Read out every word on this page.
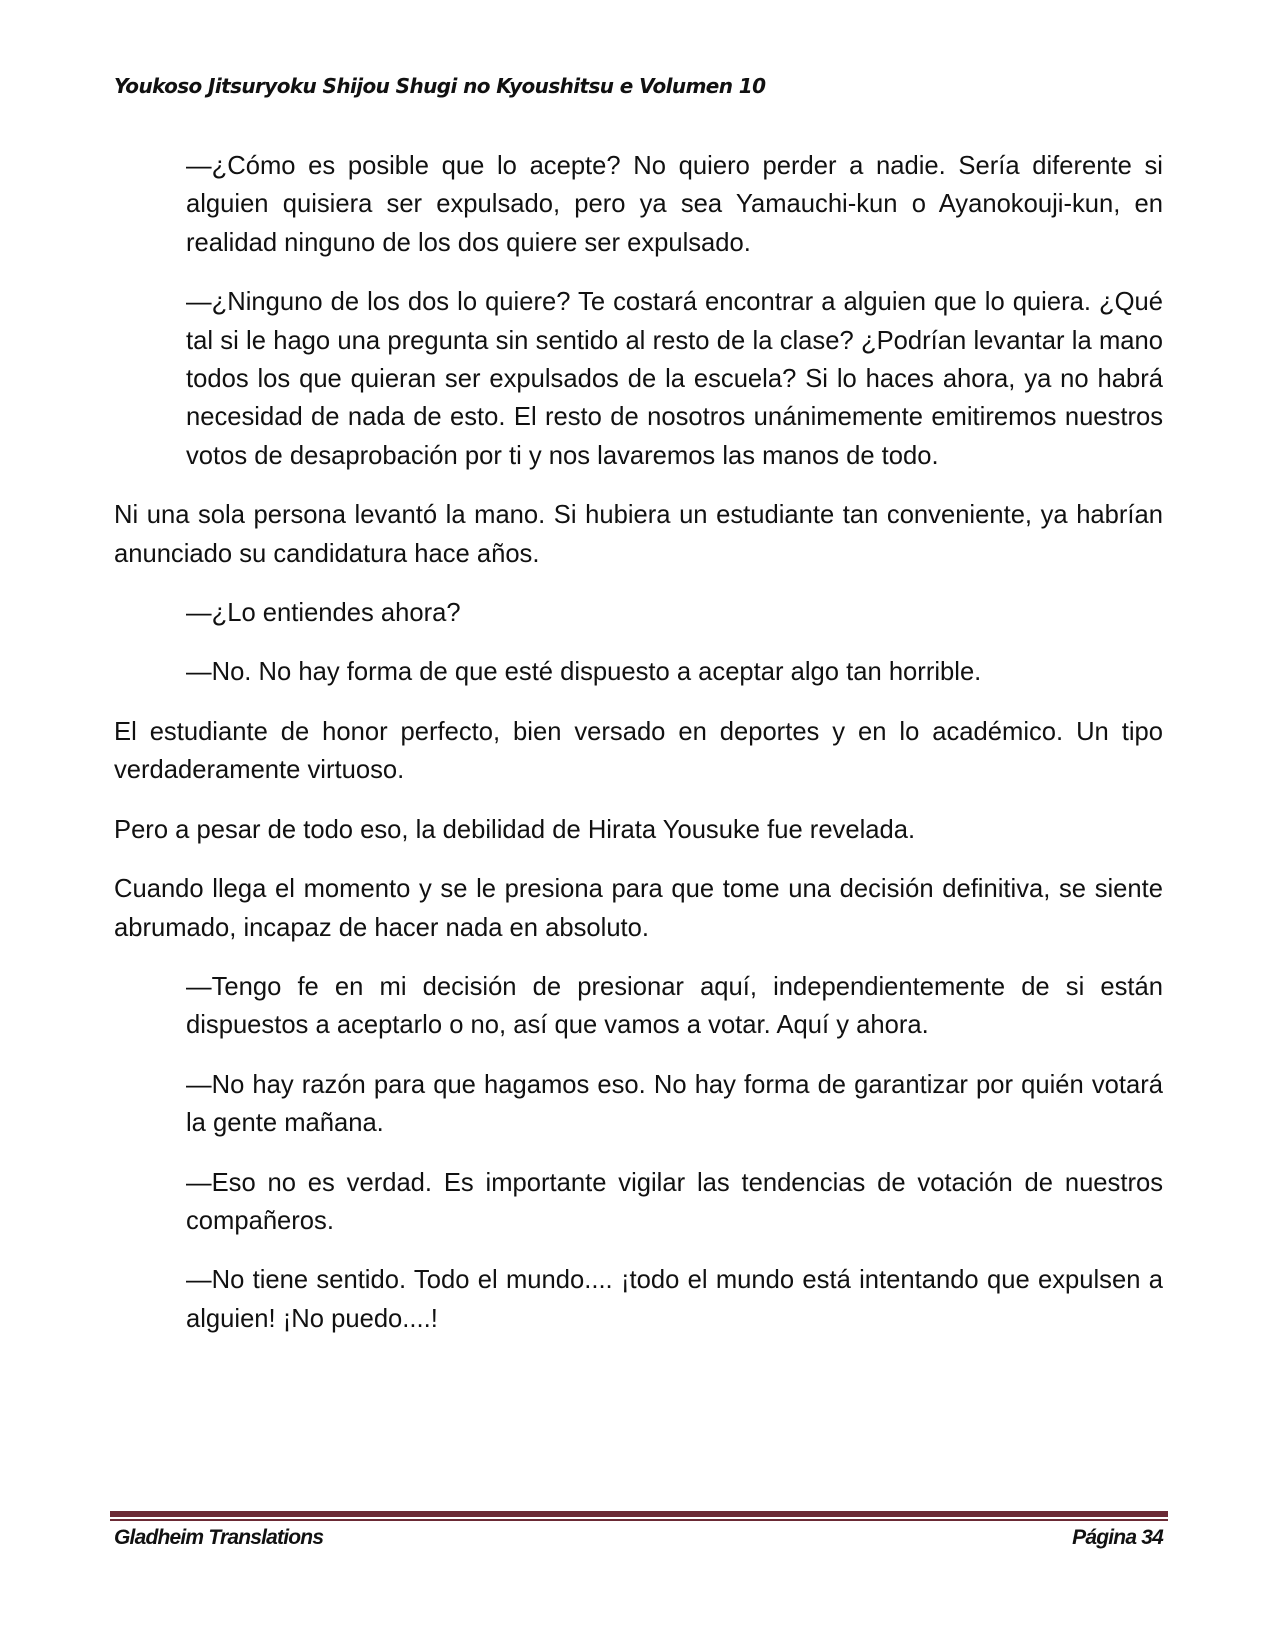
Youkoso Jitsuryoku Shijou Shugi no Kyoushitsu e Volumen 10

—¿Cómo es posible que lo acepte? No quiero perder a nadie. Sería diferente si alguien quisiera ser expulsado, pero ya sea Yamauchi-kun o Ayanokouji-kun, en realidad ninguno de los dos quiere ser expulsado.

—¿Ninguno de los dos lo quiere? Te costará encontrar a alguien que lo quiera. ¿Qué tal si le hago una pregunta sin sentido al resto de la clase? ¿Podrían levantar la mano todos los que quieran ser expulsados de la escuela? Si lo haces ahora, ya no habrá necesidad de nada de esto. El resto de nosotros unánimemente emitiremos nuestros votos de desaprobación por ti y nos lavaremos las manos de todo.

Ni una sola persona levantó la mano. Si hubiera un estudiante tan conveniente, ya habrían anunciado su candidatura hace años.

—¿Lo entiendes ahora?

—No. No hay forma de que esté dispuesto a aceptar algo tan horrible.

El estudiante de honor perfecto, bien versado en deportes y en lo académico. Un tipo verdaderamente virtuoso.

Pero a pesar de todo eso, la debilidad de Hirata Yousuke fue revelada.

Cuando llega el momento y se le presiona para que tome una decisión definitiva, se siente abrumado, incapaz de hacer nada en absoluto.

—Tengo fe en mi decisión de presionar aquí, independientemente de si están dispuestos a aceptarlo o no, así que vamos a votar. Aquí y ahora.

—No hay razón para que hagamos eso. No hay forma de garantizar por quién votará la gente mañana.

—Eso no es verdad. Es importante vigilar las tendencias de votación de nuestros compañeros.

—No tiene sentido. Todo el mundo.... ¡todo el mundo está intentando que expulsen a alguien! ¡No puedo....!

Gladheim Translations	Página 34
